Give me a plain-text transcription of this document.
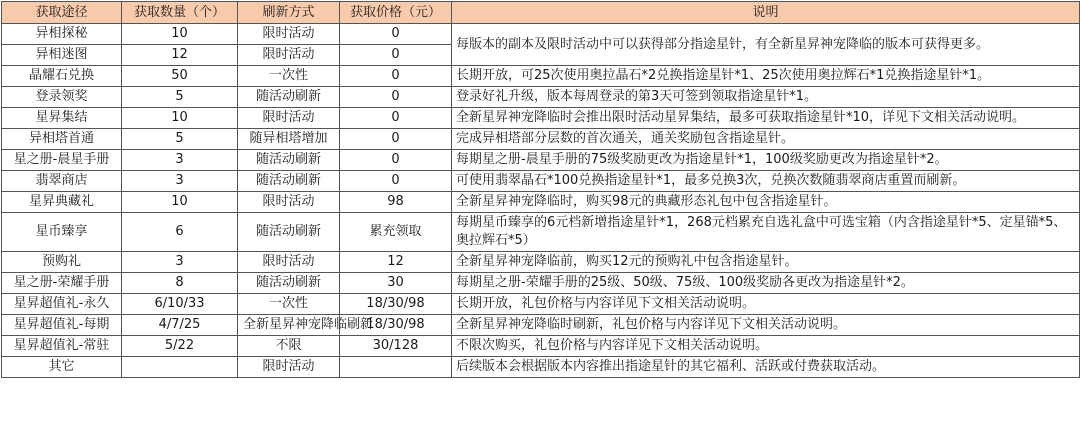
获取途径	获取数量（个）	刷新方式	获取价格（元）	说明
异相探秘	10	限时活动	0	每版本的副本及限时活动中可以获得部分指途星针，有全新星昇神宠降临的版本可获得更多。
异相迷图	12	限时活动	0	
晶耀石兑换	50	一次性	0	长期开放，可25次使用奥拉晶石*2兑换指途星针*1、25次使用奥拉辉石*1兑换指途星针*1。
登录领奖	5	随活动刷新	0	登录好礼升级，版本每周登录的第3天可签到领取指途星针*1。
星昇集结	10	限时活动	0	全新星昇神宠降临时会推出限时活动星昇集结，最多可获取指途星针*10，详见下文相关活动说明。
异相塔首通	5	随异相塔增加	0	完成异相塔部分层数的首次通关，通关奖励包含指途星针。
星之册-晨星手册	3	随活动刷新	0	每期星之册-晨星手册的75级奖励更改为指途星针*1，100级奖励更改为指途星针*2。
翡翠商店	3	随活动刷新	0	可使用翡翠晶石*100兑换指途星针*1，最多兑换3次，兑换次数随翡翠商店重置而刷新。
星昇典藏礼	10	限时活动	98	全新星昇神宠降临时，购买98元的典藏形态礼包中包含指途星针。
星币臻享	6	随活动刷新	累充领取	每期星币臻享的6元档新增指途星针*1，268元档累充自选礼盒中可选宝箱（内含指途星针*5、定星锚*5、奥拉辉石*5）
预购礼	3	限时活动	12	全新星昇神宠降临前，购买12元的预购礼中包含指途星针。
星之册-荣耀手册	8	随活动刷新	30	每期星之册-荣耀手册的25级、50级、75级、100级奖励各更改为指途星针*2。
星昇超值礼-永久	6/10/33	一次性	18/30/98	长期开放，礼包价格与内容详见下文相关活动说明。
星昇超值礼-每期	4/7/25	全新星昇神宠降临刷新	18/30/98	全新星昇神宠降临时刷新，礼包价格与内容详见下文相关活动说明。
星昇超值礼-常驻	5/22	不限	30/128	不限次购买，礼包价格与内容详见下文相关活动说明。
其它		限时活动		后续版本会根据版本内容推出指途星针的其它福利、活跃或付费获取活动。
